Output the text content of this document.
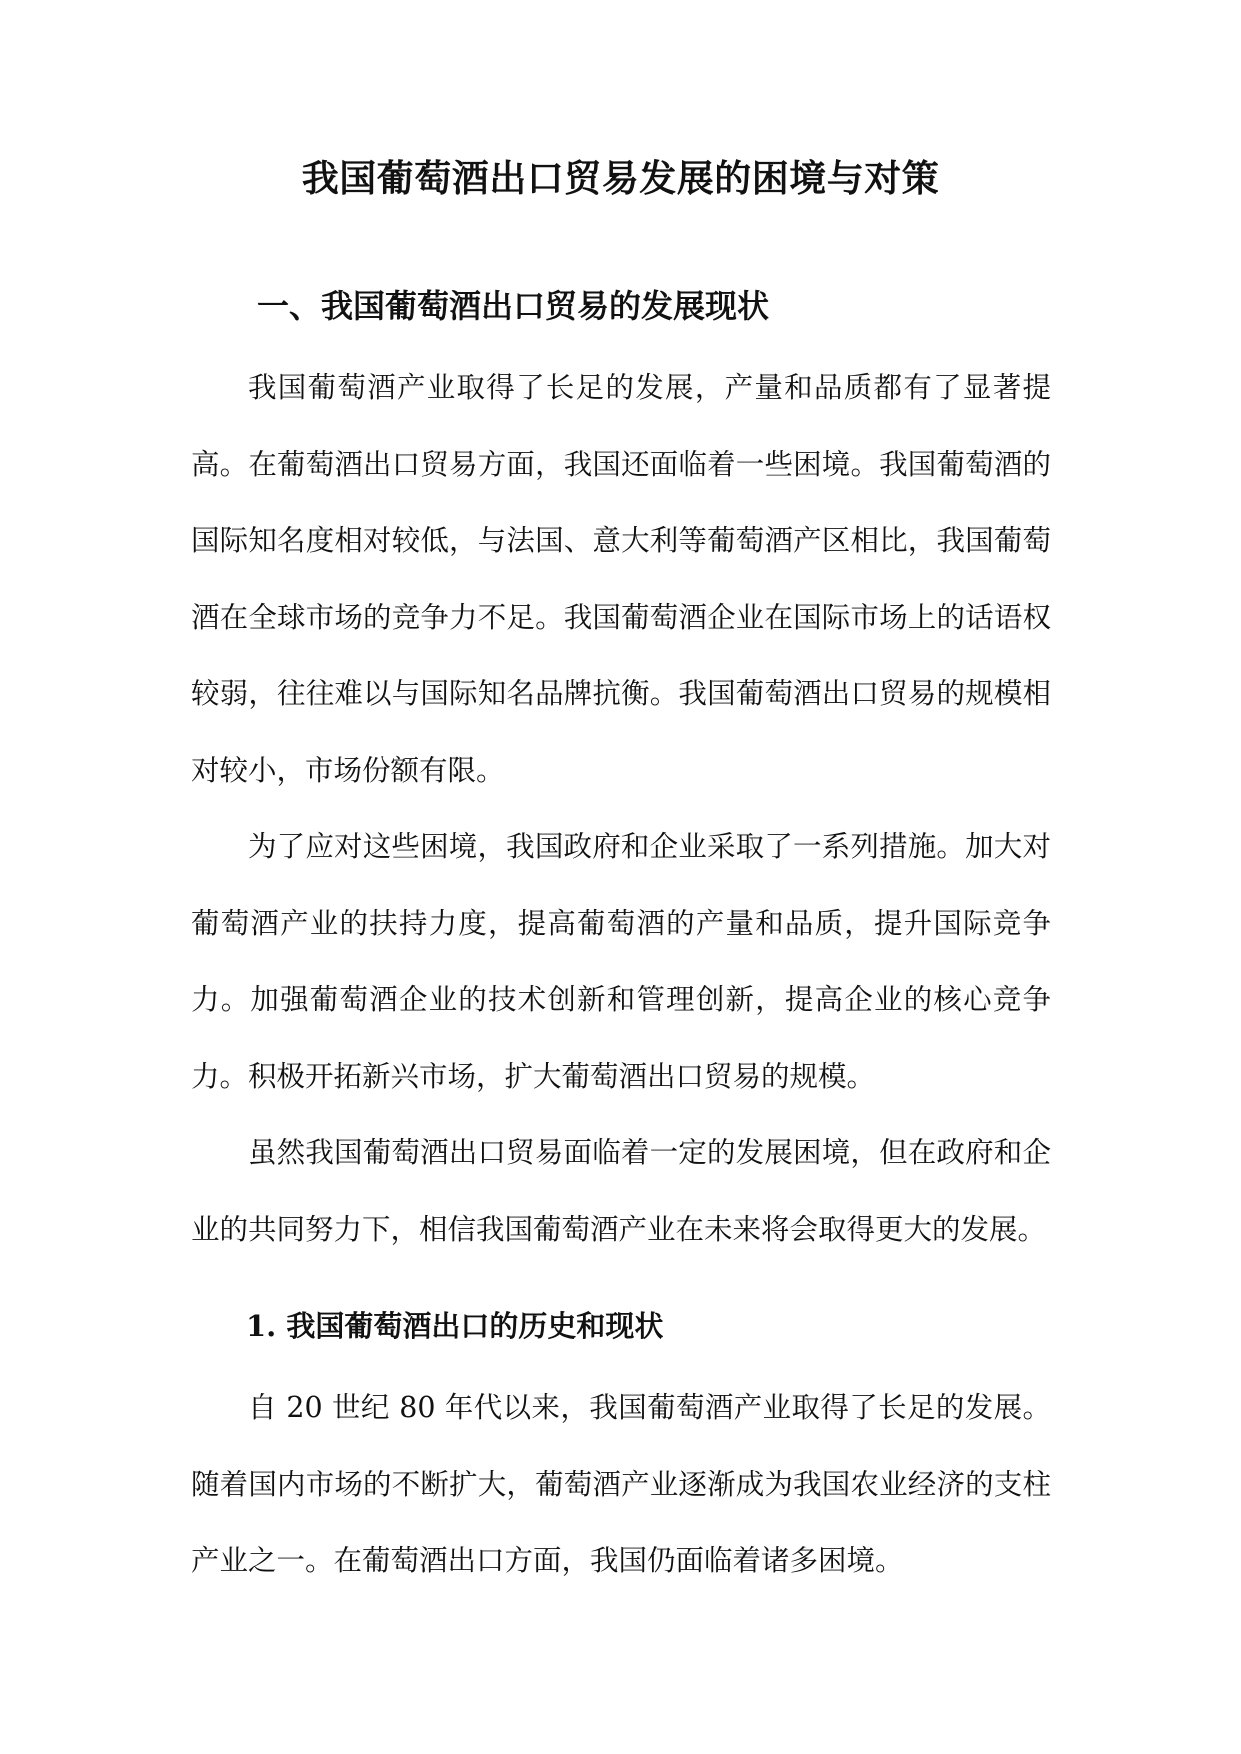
我国葡萄酒出口贸易发展的困境与对策
一、我国葡萄酒出口贸易的发展现状

我国葡萄酒产业取得了长足的发展，产量和品质都有了显著提高。在葡萄酒出口贸易方面，我国还面临着一些困境。我国葡萄酒的国际知名度相对较低，与法国、意大利等葡萄酒产区相比，我国葡萄酒在全球市场的竞争力不足。我国葡萄酒企业在国际市场上的话语权较弱，往往难以与国际知名品牌抗衡。我国葡萄酒出口贸易的规模相对较小，市场份额有限。

为了应对这些困境，我国政府和企业采取了一系列措施。加大对葡萄酒产业的扶持力度，提高葡萄酒的产量和品质，提升国际竞争力。加强葡萄酒企业的技术创新和管理创新，提高企业的核心竞争力。积极开拓新兴市场，扩大葡萄酒出口贸易的规模。

虽然我国葡萄酒出口贸易面临着一定的发展困境，但在政府和企业的共同努力下，相信我国葡萄酒产业在未来将会取得更大的发展。

1. 我国葡萄酒出口的历史和现状

自 20 世纪 80 年代以来，我国葡萄酒产业取得了长足的发展。随着国内市场的不断扩大，葡萄酒产业逐渐成为我国农业经济的支柱产业之一。在葡萄酒出口方面，我国仍面临着诸多困境。
